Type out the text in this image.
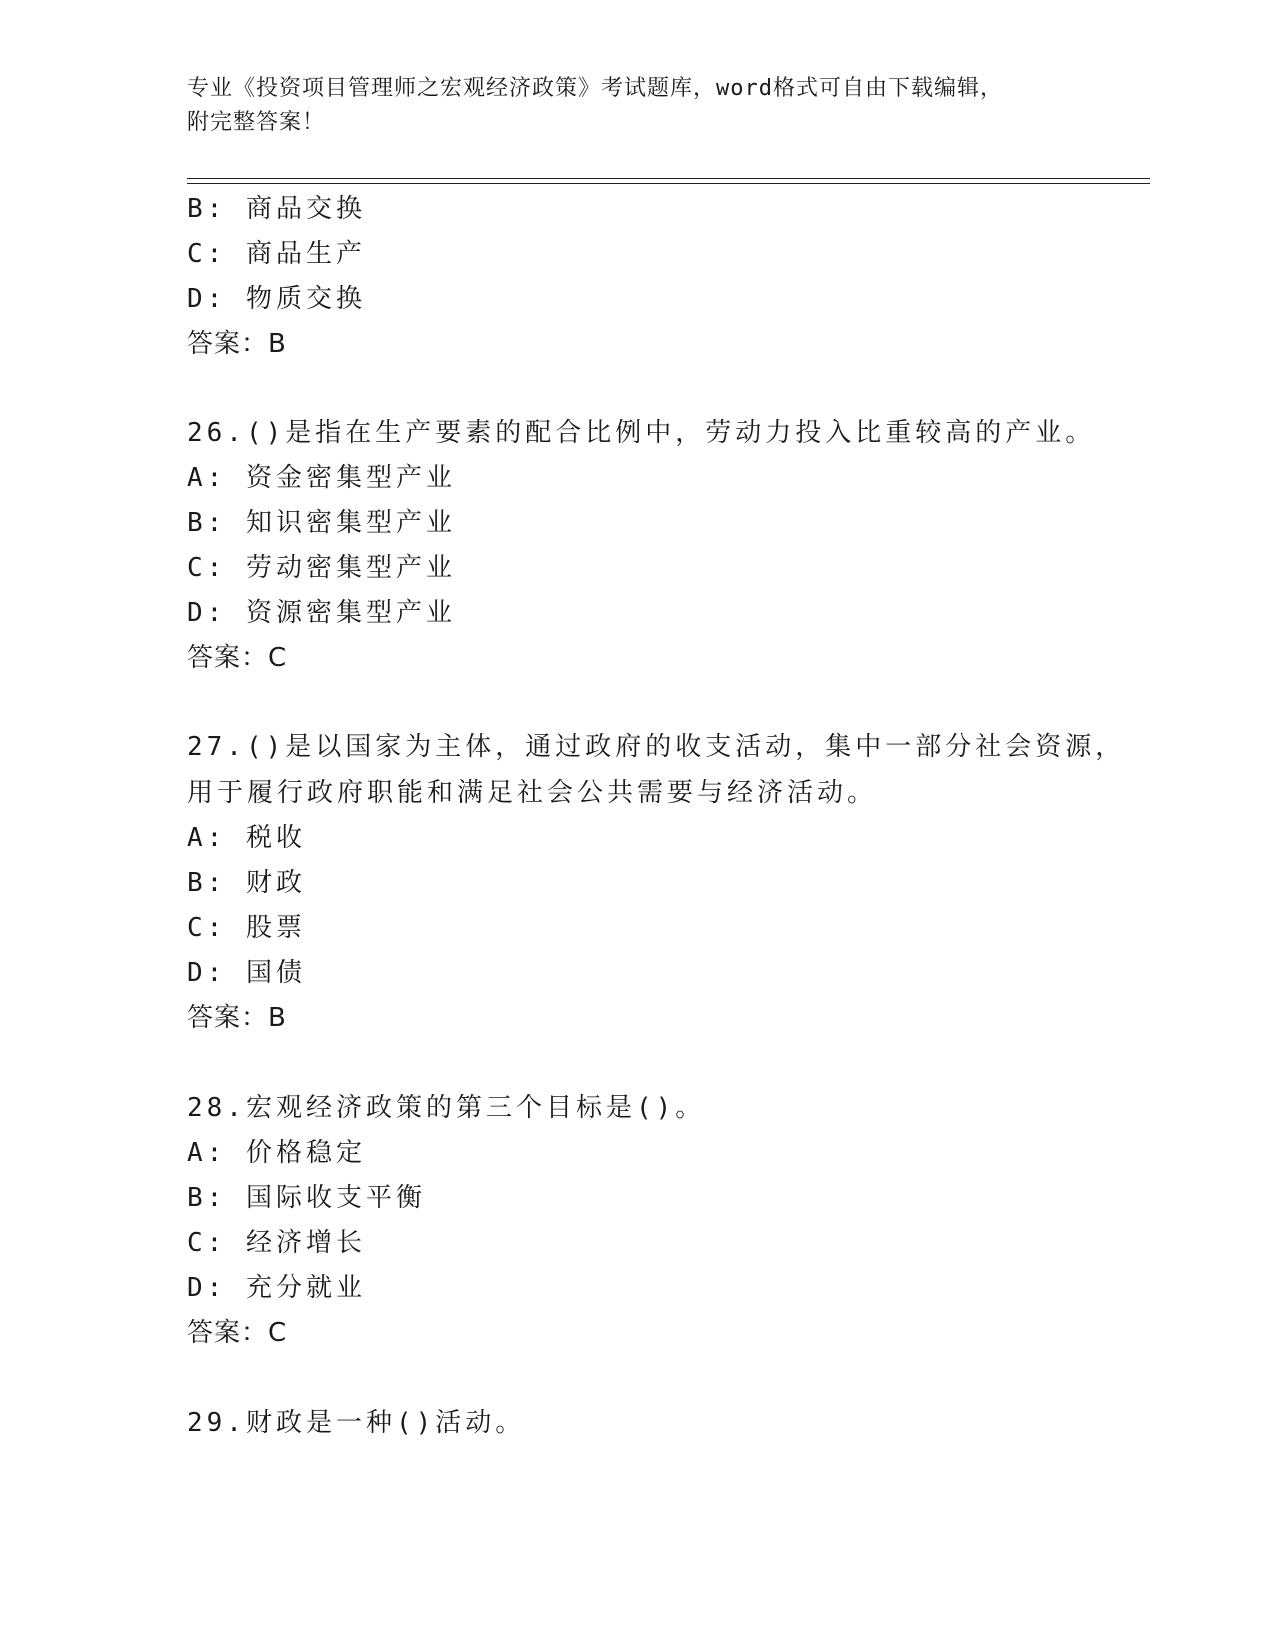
专业《投资项目管理师之宏观经济政策》考试题库，word格式可自由下载编辑，
附完整答案！
B: 商品交换
C: 商品生产
D: 物质交换
答案：B
26.()是指在生产要素的配合比例中，劳动力投入比重较高的产业。
A: 资金密集型产业
B: 知识密集型产业
C: 劳动密集型产业
D: 资源密集型产业
答案：C
27.()是以国家为主体，通过政府的收支活动，集中一部分社会资源，
用于履行政府职能和满足社会公共需要与经济活动。
A: 税收
B: 财政
C: 股票
D: 国债
答案：B
28.宏观经济政策的第三个目标是()。
A: 价格稳定
B: 国际收支平衡
C: 经济增长
D: 充分就业
答案：C
29.财政是一种()活动。
